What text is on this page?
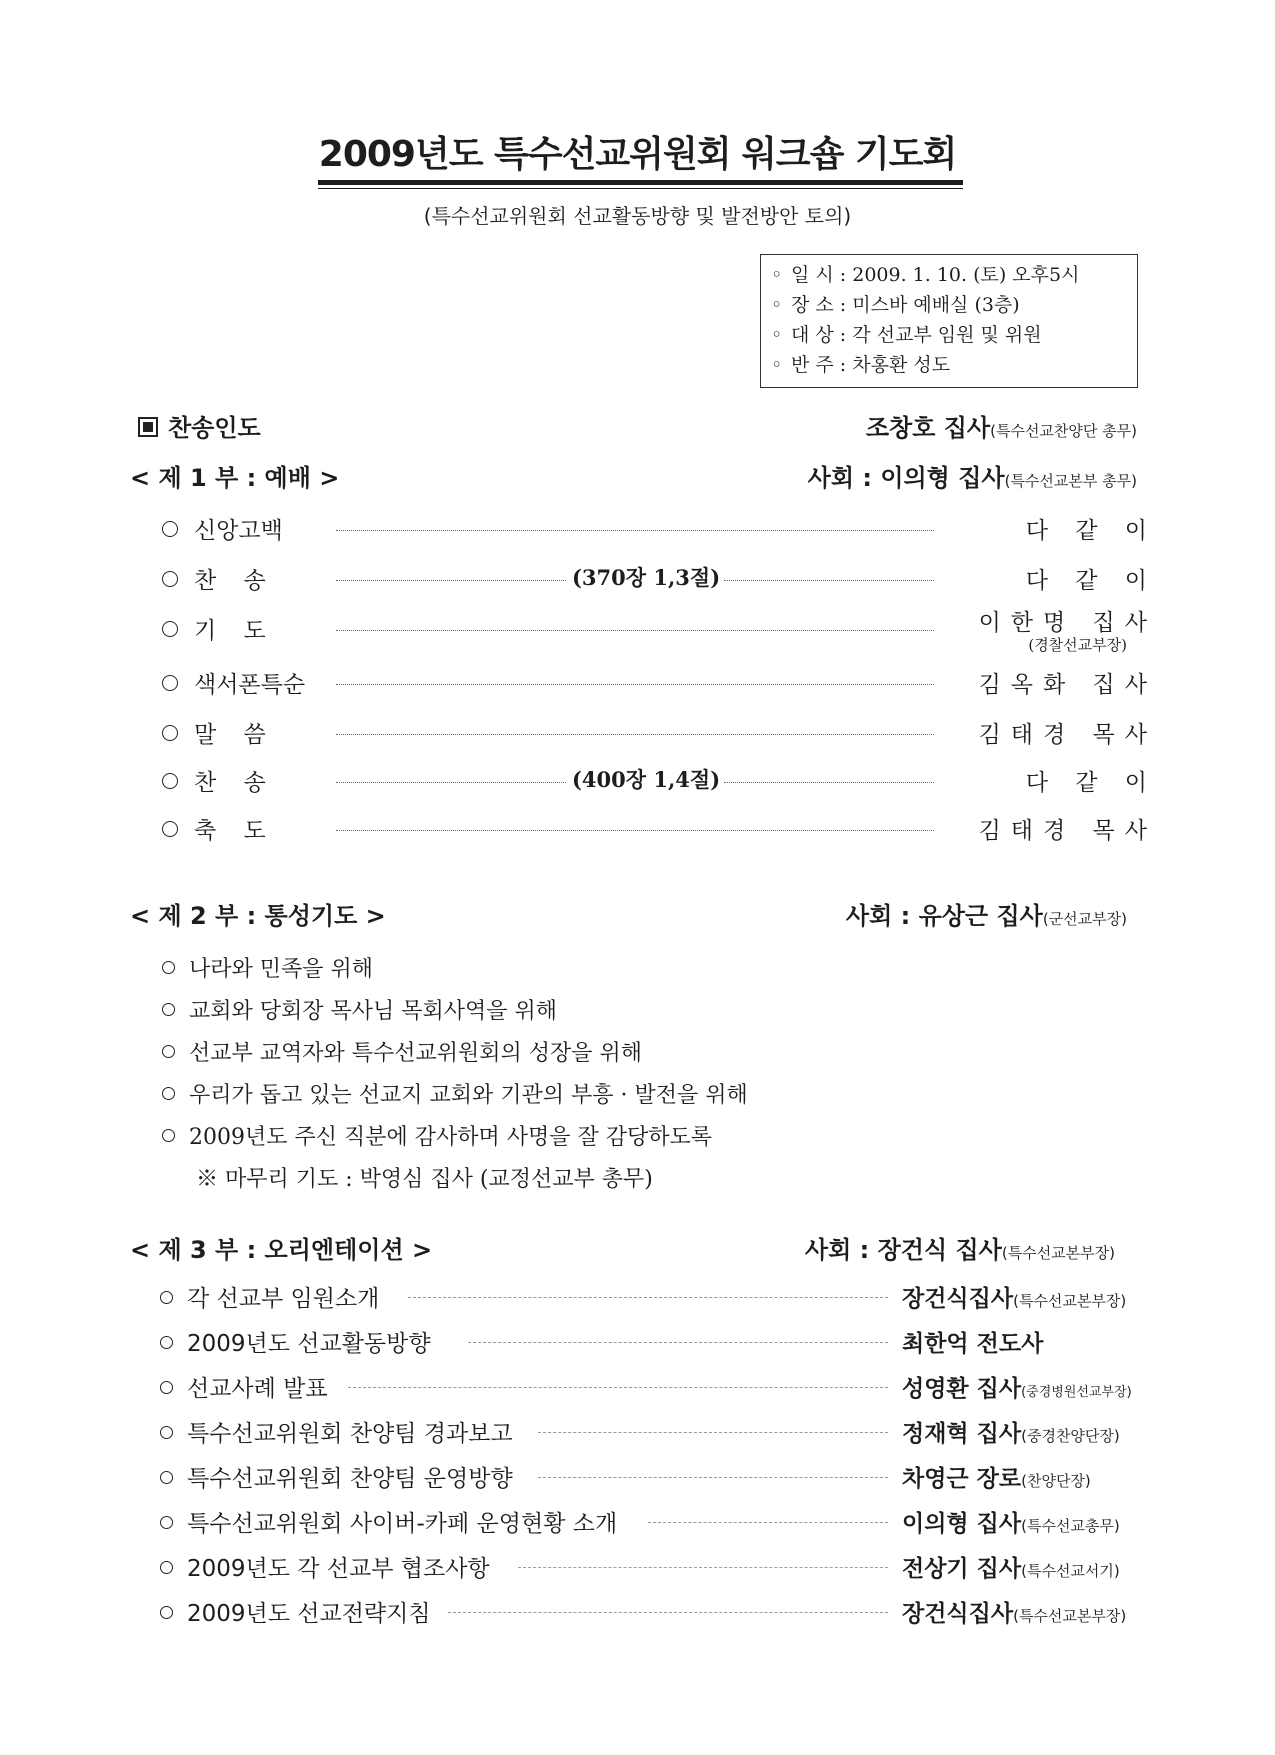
2009년도 특수선교위원회 워크숍 기도회
(특수선교위원회 선교활동방향 및 발전방안 토의)
◦ 일 시 : 2009. 1. 10. (토) 오후5시
◦ 장 소 : 미스바 예배실 (3층)
◦ 대 상 : 각 선교부 임원 및 위원
◦ 반 주 : 차홍환 성도
찬송인도	조창호 집사(특수선교찬양단 총무)
< 제 1 부 : 예배 >	사회 : 이의형 집사(특수선교본부 총무)
신앙고백	다 같 이
찬 송	(370장 1,3절)	다 같 이
기 도	이한명 집사
(경찰선교부장)
색서폰특순	김옥화 집사
말 씀	김태경 목사
찬 송	(400장 1,4절)	다 같 이
축 도	김태경 목사
< 제 2 부 : 통성기도 >	사회 : 유상근 집사(군선교부장)
나라와 민족을 위해
교회와 당회장 목사님 목회사역을 위해
선교부 교역자와 특수선교위원회의 성장을 위해
우리가 돕고 있는 선교지 교회와 기관의 부흥 · 발전을 위해
2009년도 주신 직분에 감사하며 사명을 잘 감당하도록
※ 마무리 기도 : 박영심 집사 (교정선교부 총무)
< 제 3 부 : 오리엔테이션 >	사회 : 장건식 집사(특수선교본부장)
각 선교부 임원소개	장건식집사(특수선교본부장)
2009년도 선교활동방향	최한억 전도사
선교사례 발표	성영환 집사(중경병원선교부장)
특수선교위원회 찬양팀 경과보고	정재혁 집사(중경찬양단장)
특수선교위원회 찬양팀 운영방향	차영근 장로(찬양단장)
특수선교위원회 사이버-카페 운영현황 소개	이의형 집사(특수선교총무)
2009년도 각 선교부 협조사항	전상기 집사(특수선교서기)
2009년도 선교전략지침	장건식집사(특수선교본부장)
